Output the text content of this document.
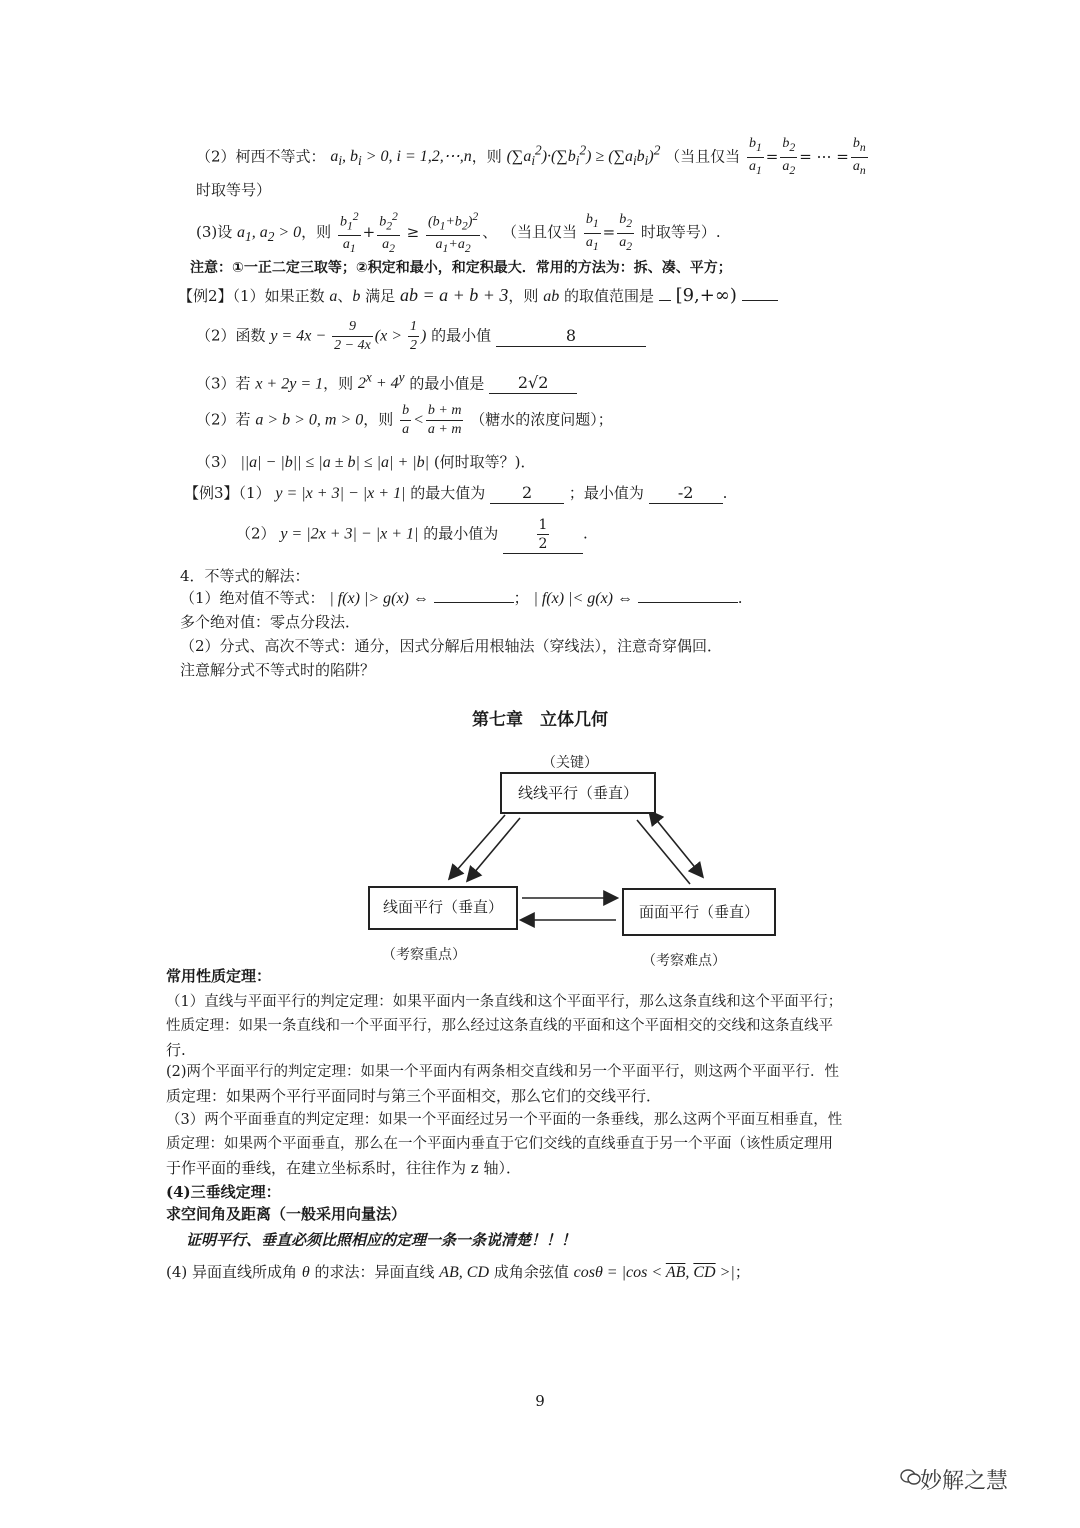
（2）柯西不等式： $a_i$, $b_i > 0$, i = 1,2,⋯,n，则 $(\sum a_i^2)\cdot(\sum b_i^2) \ge (\sum a_ib_i)^2$ （当且仅当 $\frac{b_1}{a_1} = \frac{b_2}{a_2}$ = ⋯ = $\frac{b_n}{a_n}$
时取等号）
(3)设 $a_1$, $a_2 > 0$，则 $\frac{b_1^2}{a_1} + \frac{b_2^2}{a_2} \ge \frac{(b_1+b_2)^2}{a_1+a_2}$ 、 （当且仅当 $\frac{b_1}{a_1} = \frac{b_2}{a_2}$ 时取等号）.
注意：①一正二定三取等；②积定和最小，和定积最大．常用的方法为：拆、凑、平方；
【例2】（1）如果正数 a、b 满足 ab = a + b + 3，则 ab 的取值范围是 [9,+∞)
（2）函数 $y = 4x - \frac{9}{2 - 4x} (x > \frac{1}{2}$ ) 的最小值	8
（3）若 x + 2y = 1，则 $2^x + 4^y$ 的最小值是 2√2
（2）若 a > b > 0, m > 0，则 $\frac{b}{a} < \frac{b + m}{a + m}$ （糖水的浓度问题）；
（3） ||a| − |b|| ≤ |a ± b| ≤ |a| + |b| (何时取等？)．
【例3】（1） y = |x + 3| − |x + 1| 的最大值为 2 ；最小值为 -2 .
（2） y = |2x + 3| − |x + 1| 的最小值为	$\frac{1}{2}$ .
4．不等式的解法：
（1）绝对值不等式： | f(x) |> g(x) ⇔	； | f(x) |< g(x) ⇔	.
多个绝对值：零点分段法．
（2）分式、高次不等式：通分，因式分解后用根轴法（穿线法），注意奇穿偶回．
注意解分式不等式时的陷阱？
第七章　立体几何
（关键）
线线平行（垂直）
线面平行（垂直）	面面平行（垂直）
（考察重点）	（考察难点）
常用性质定理：
（1）直线与平面平行的判定定理：如果平面内一条直线和这个平面平行，那么这条直线和这个平面平行；
性质定理：如果一条直线和一个平面平行，那么经过这条直线的平面和这个平面相交的交线和这条直线平
行.
(2)两个平面平行的判定定理：如果一个平面内有两条相交直线和另一个平面平行，则这两个平面平行．性
质定理：如果两个平行平面同时与第三个平面相交，那么它们的交线平行．
（3）两个平面垂直的判定定理：如果一个平面经过另一个平面的一条垂线，那么这两个平面互相垂直，性
质定理：如果两个平面垂直，那么在一个平面内垂直于它们交线的直线垂直于另一个平面（该性质定理用
于作平面的垂线，在建立坐标系时，往往作为 z 轴）．
(4)三垂线定理：
求空间角及距离（一般采用向量法）
证明平行、垂直必须比照相应的定理一条一条说清楚！！！
(4) 异面直线所成角 θ 的求法：异面直线 AB, CD 成角余弦值 $\cos\theta = |\cos < \overline{AB}$, $\overline{CD}$ >|；
9
妙解之慧
